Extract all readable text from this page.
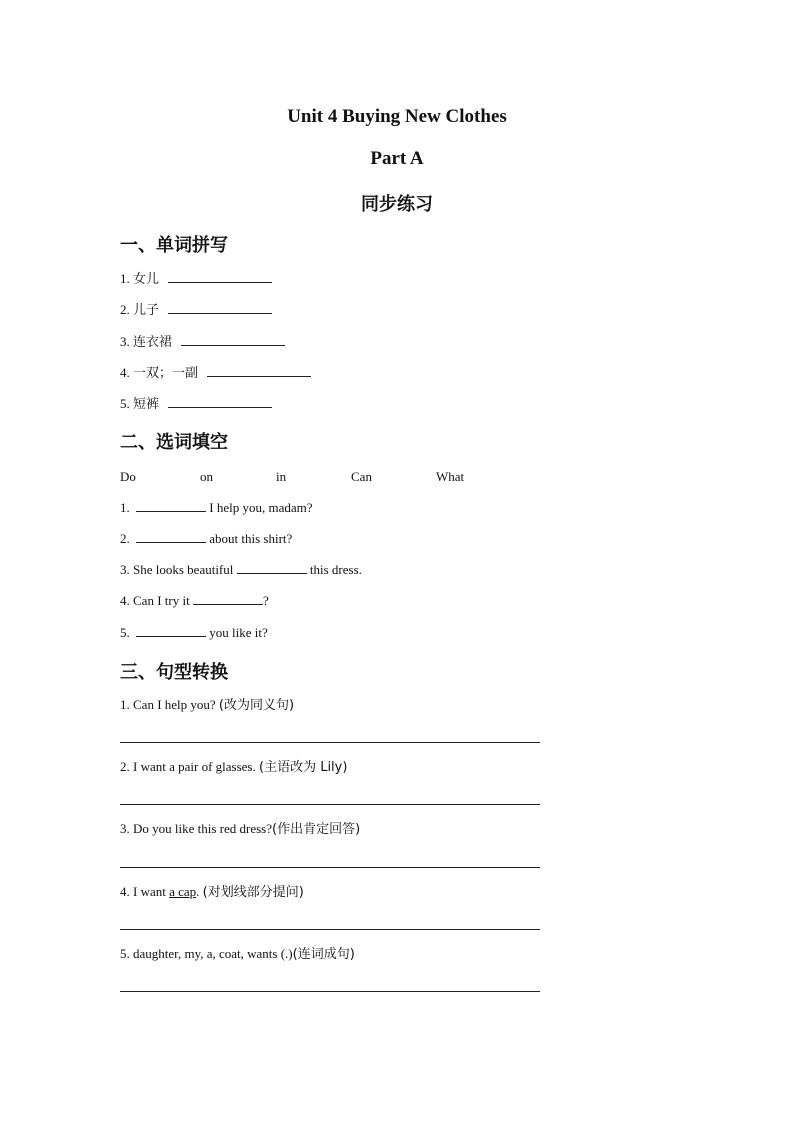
Unit 4 Buying New Clothes
Part A
同步练习
一、单词拼写
1. 女儿
2. 儿子
3. 连衣裙
4. 一双；一副
5. 短裤
二、选词填空
Do	on	in	Can	What
1.	I help you, madam?
2.	about this shirt?
3. She looks beautiful	this dress.
4. Can I try it	?
5.	you like it?
三、句型转换
1. Can I help you? (改为同义句)
2. I want a pair of glasses. (主语改为 Lily)
3. Do you like this red dress?(作出肯定回答)
4. I want a cap. (对划线部分提问)
5. daughter, my, a, coat, wants (.)(连词成句)
